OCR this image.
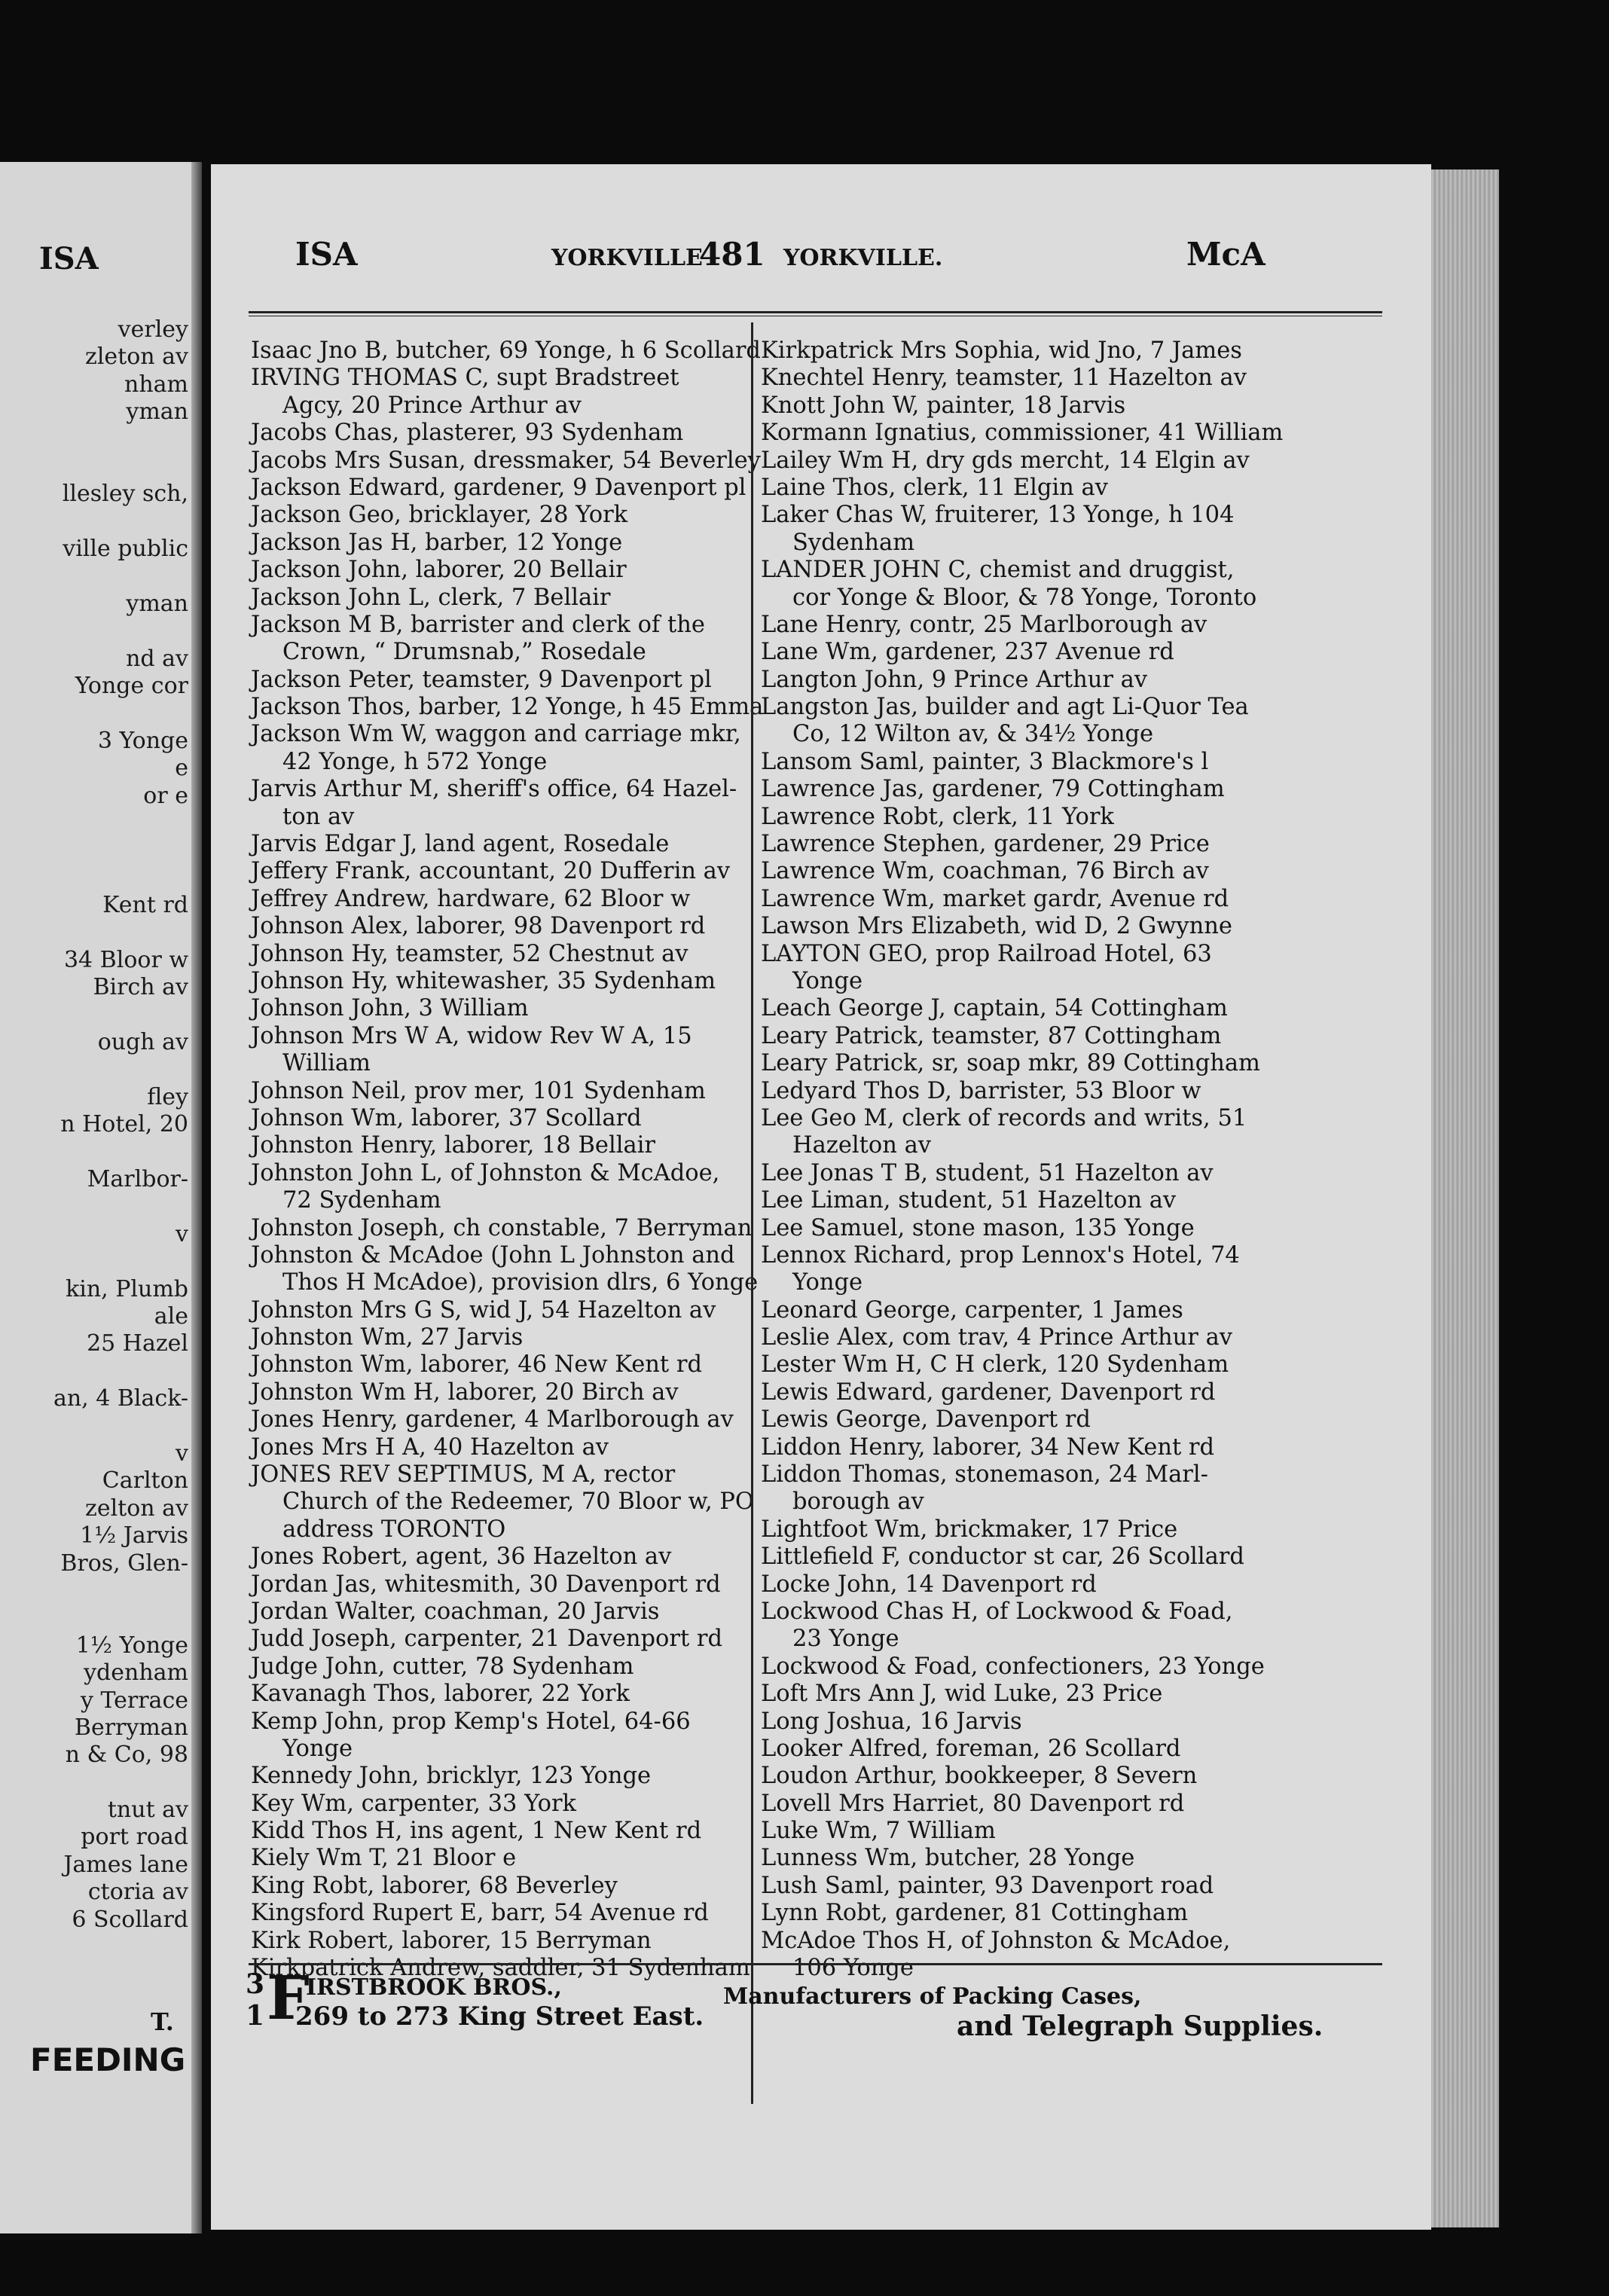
ISA
verley
zleton av
nham
yman
llesley sch,
ville public
yman
nd av
Yonge cor
3 Yonge
e
or e
Kent rd
34 Bloor w
Birch av
ough av
fley
n Hotel, 20
Marlbor-
v
kin, Plumb
ale
25 Hazel
an, 4 Black-
v
Carlton
zelton av
1½ Jarvis
Bros, Glen-
1½ Yonge
ydenham
y Terrace
Berryman
n & Co, 98
tnut av
port road
James lane
ctoria av
6 Scollard
T.
FEEDING
ISA	YORKVILLE
481 YORKVILLE.	McA
Isaac Jno B, butcher, 69 Yonge, h 6 Scollard
IRVING THOMAS C, supt Bradstreet
Agcy, 20 Prince Arthur av
Jacobs Chas, plasterer, 93 Sydenham
Jacobs Mrs Susan, dressmaker, 54 Beverley
Jackson Edward, gardener, 9 Davenport pl
Jackson Geo, bricklayer, 28 York
Jackson Jas H, barber, 12 Yonge
Jackson John, laborer, 20 Bellair
Jackson John L, clerk, 7 Bellair
Jackson M B, barrister and clerk of the
Crown, “ Drumsnab,” Rosedale
Jackson Peter, teamster, 9 Davenport pl
Jackson Thos, barber, 12 Yonge, h 45 Emma
Jackson Wm W, waggon and carriage mkr,
42 Yonge, h 572 Yonge
Jarvis Arthur M, sheriff's office, 64 Hazel-
ton av
Jarvis Edgar J, land agent, Rosedale
Jeffery Frank, accountant, 20 Dufferin av
Jeffrey Andrew, hardware, 62 Bloor w
Johnson Alex, laborer, 98 Davenport rd
Johnson Hy, teamster, 52 Chestnut av
Johnson Hy, whitewasher, 35 Sydenham
Johnson John, 3 William
Johnson Mrs W A, widow Rev W A, 15
William
Johnson Neil, prov mer, 101 Sydenham
Johnson Wm, laborer, 37 Scollard
Johnston Henry, laborer, 18 Bellair
Johnston John L, of Johnston & McAdoe,
72 Sydenham
Johnston Joseph, ch constable, 7 Berryman
Johnston & McAdoe (John L Johnston and
Thos H McAdoe), provision dlrs, 6 Yonge
Johnston Mrs G S, wid J, 54 Hazelton av
Johnston Wm, 27 Jarvis
Johnston Wm, laborer, 46 New Kent rd
Johnston Wm H, laborer, 20 Birch av
Jones Henry, gardener, 4 Marlborough av
Jones Mrs H A, 40 Hazelton av
JONES REV SEPTIMUS, M A, rector
Church of the Redeemer, 70 Bloor w, PO
address TORONTO
Jones Robert, agent, 36 Hazelton av
Jordan Jas, whitesmith, 30 Davenport rd
Jordan Walter, coachman, 20 Jarvis
Judd Joseph, carpenter, 21 Davenport rd
Judge John, cutter, 78 Sydenham
Kavanagh Thos, laborer, 22 York
Kemp John, prop Kemp's Hotel, 64-66
Yonge
Kennedy John, bricklyr, 123 Yonge
Key Wm, carpenter, 33 York
Kidd Thos H, ins agent, 1 New Kent rd
Kiely Wm T, 21 Bloor e
King Robt, laborer, 68 Beverley
Kingsford Rupert E, barr, 54 Avenue rd
Kirk Robert, laborer, 15 Berryman
Kirkpatrick Andrew, saddler, 31 Sydenham
Kirkpatrick Mrs Sophia, wid Jno, 7 James
Knechtel Henry, teamster, 11 Hazelton av
Knott John W, painter, 18 Jarvis
Kormann Ignatius, commissioner, 41 William
Lailey Wm H, dry gds mercht, 14 Elgin av
Laine Thos, clerk, 11 Elgin av
Laker Chas W, fruiterer, 13 Yonge, h 104
Sydenham
LANDER JOHN C, chemist and druggist,
cor Yonge & Bloor, & 78 Yonge, Toronto
Lane Henry, contr, 25 Marlborough av
Lane Wm, gardener, 237 Avenue rd
Langton John, 9 Prince Arthur av
Langston Jas, builder and agt Li-Quor Tea
Co, 12 Wilton av, & 34½ Yonge
Lansom Saml, painter, 3 Blackmore's l
Lawrence Jas, gardener, 79 Cottingham
Lawrence Robt, clerk, 11 York
Lawrence Stephen, gardener, 29 Price
Lawrence Wm, coachman, 76 Birch av
Lawrence Wm, market gardr, Avenue rd
Lawson Mrs Elizabeth, wid D, 2 Gwynne
LAYTON GEO, prop Railroad Hotel, 63
Yonge
Leach George J, captain, 54 Cottingham
Leary Patrick, teamster, 87 Cottingham
Leary Patrick, sr, soap mkr, 89 Cottingham
Ledyard Thos D, barrister, 53 Bloor w
Lee Geo M, clerk of records and writs, 51
Hazelton av
Lee Jonas T B, student, 51 Hazelton av
Lee Liman, student, 51 Hazelton av
Lee Samuel, stone mason, 135 Yonge
Lennox Richard, prop Lennox's Hotel, 74
Yonge
Leonard George, carpenter, 1 James
Leslie Alex, com trav, 4 Prince Arthur av
Lester Wm H, C H clerk, 120 Sydenham
Lewis Edward, gardener, Davenport rd
Lewis George, Davenport rd
Liddon Henry, laborer, 34 New Kent rd
Liddon Thomas, stonemason, 24 Marl-
borough av
Lightfoot Wm, brickmaker, 17 Price
Littlefield F, conductor st car, 26 Scollard
Locke John, 14 Davenport rd
Lockwood Chas H, of Lockwood & Foad,
23 Yonge
Lockwood & Foad, confectioners, 23 Yonge
Loft Mrs Ann J, wid Luke, 23 Price
Long Joshua, 16 Jarvis
Looker Alfred, foreman, 26 Scollard
Loudon Arthur, bookkeeper, 8 Severn
Lovell Mrs Harriet, 80 Davenport rd
Luke Wm, 7 William
Lunness Wm, butcher, 28 Yonge
Lush Saml, painter, 93 Davenport road
Lynn Robt, gardener, 81 Cottingham
McAdoe Thos H, of Johnston & McAdoe,
106 Yonge
3
1 F
IRSTBROOK BROS.,
269 to 273 King Street East.
Manufacturers of Packing Cases,
and Telegraph Supplies.
